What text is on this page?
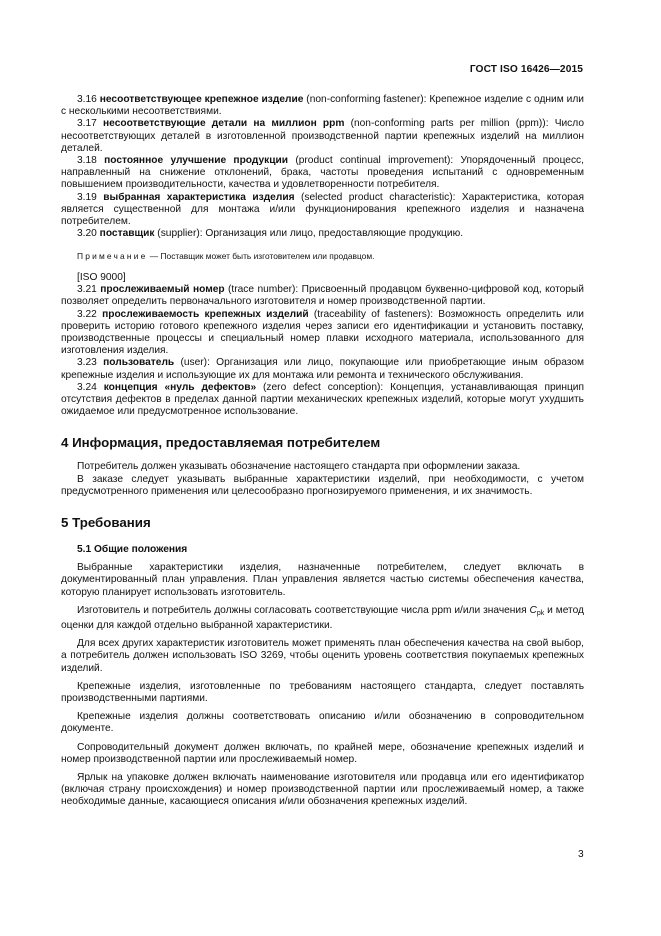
ГОСТ ISO 16426—2015

3.16 несоответствующее крепежное изделие (non-conforming fastener): Крепежное изделие с одним или с несколькими несоответствиями.

3.17 несоответствующие детали на миллион ppm (non-conforming parts per million (ppm)): Число несоответствующих деталей в изготовленной производственной партии крепежных изделий на миллион деталей.

3.18 постоянное улучшение продукции (product continual improvement): Упорядоченный процесс, направленный на снижение отклонений, брака, частоты проведения испытаний с одновременным повышением производительности, качества и удовлетворенности потребителя.

3.19 выбранная характеристика изделия (selected product characteristic): Характеристика, которая является существенной для монтажа и/или функционирования крепежного изделия и назначена потребителем.

3.20 поставщик (supplier): Организация или лицо, предоставляющие продукцию.

Примечание — Поставщик может быть изготовителем или продавцом.

[ISO 9000]

3.21 прослеживаемый номер (trace number): Присвоенный продавцом буквенно-цифровой код, который позволяет определить первоначального изготовителя и номер производственной партии.

3.22 прослеживаемость крепежных изделий (traceability of fasteners): Возможность определить или проверить историю готового крепежного изделия через записи его идентификации и установить поставку, производственные процессы и специальный номер плавки исходного материала, использованного для изготовления изделия.

3.23 пользователь (user): Организация или лицо, покупающие или приобретающие иным образом крепежные изделия и использующие их для монтажа или ремонта и технического обслуживания.

3.24 концепция «нуль дефектов» (zero defect conception): Концепция, устанавливающая принцип отсутствия дефектов в пределах данной партии механических крепежных изделий, которые могут ухудшить ожидаемое или предусмотренное использование.

4 Информация, предоставляемая потребителем

Потребитель должен указывать обозначение настоящего стандарта при оформлении заказа.

В заказе следует указывать выбранные характеристики изделий, при необходимости, с учетом предусмотренного применения или целесообразно прогнозируемого применения, и их значимость.

5 Требования
5.1 Общие положения

Выбранные характеристики изделия, назначенные потребителем, следует включать в документированный план управления. План управления является частью системы обеспечения качества, которую планирует использовать изготовитель.

Изготовитель и потребитель должны согласовать соответствующие числа ppm и/или значения $C_{pk}$ и метод оценки для каждой отдельно выбранной характеристики.

Для всех других характеристик изготовитель может применять план обеспечения качества на свой выбор, а потребитель должен использовать ISO 3269, чтобы оценить уровень соответствия покупаемых крепежных изделий.

Крепежные изделия, изготовленные по требованиям настоящего стандарта, следует поставлять производственными партиями.

Крепежные изделия должны соответствовать описанию и/или обозначению в сопроводительном документе.

Сопроводительный документ должен включать, по крайней мере, обозначение крепежных изделий и номер производственной партии или прослеживаемый номер.

Ярлык на упаковке должен включать наименование изготовителя или продавца или его идентификатор (включая страну происхождения) и номер производственной партии или прослеживаемый номер, а также необходимые данные, касающиеся описания и/или обозначения крепежных изделий.

3
